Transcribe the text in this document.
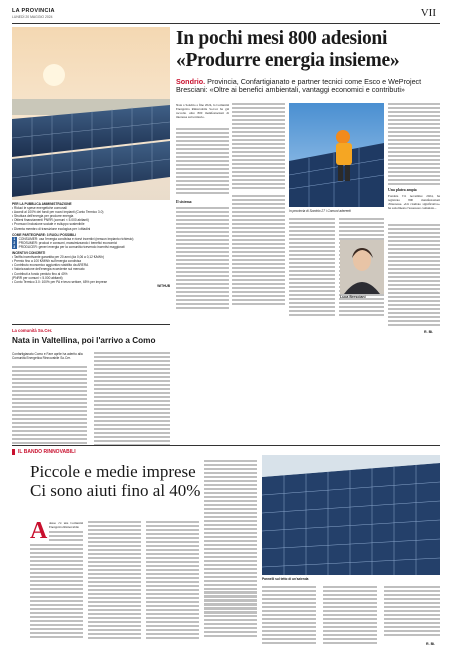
LA PROVINCIA
LUNEDÌ 20 MAGGIO 2024	VII
PER LA PUBBLICA AMMINISTRAZIONE
• Riduci le spese energetiche comunali
• Accedi al 100% dei fondi per nuovi impianti (Conto Termico 3.0)
• Struttura dell'energia per produrre energia
• Ottieni finanziamenti PNRR (comuni < 5.000 abitanti)
• Promuovi inclusione sociale e sviluppo sostenibile
• Diventa membro di transizione ecologica per i cittadini
COME PARTECIPARE: 3 RUOLI POSSIBILI
1	CONSUMER: usa l'energia condivisa e ricevi incentivi (nessun impianto richiesto)
2	PROSUMER: produci e consumi, massimizzando i benefici economici
3	PRODUCER: generi energia per la comunità ricevendo incentivi maggiorati
INCENTIVI CONCRETI
• Tariffa incentivante garantita per 20 anni (da 0,06 a 0,12 €/kWh)
• Premio fino a 100 €/MWh sull'energia condivisa
• Contributo economico aggiuntivo stabilito da ARERA
• Valorizzazione dell'energia eccedente sul mercato
• Contributi a fondo perduto fino al 40%
(PNRR per comuni < 5.000 abitanti)
• Conto Termico 3.0: 100% per PA e terzo settore, 65% per imprese
WITHUB
La comunità So.Cer.
Nata in Valtellina, poi l'arrivo a Como
Confartigianato Como e Fare aprile ha aderito alla Comunità Energetica Rinnovabile So.Cer.
In pochi mesi 800 adesioni
«Produrre energia insieme»
Sondrio. Provincia, Confartigianato e partner tecnici come Esco e WeProject Bresciani: «Oltre ai benefici ambientali, vantaggi economici e contributi»
Nata a Sondrio a fine 2024, la Comunità Energetica Rinnovabile So.Cer ha già raccolto oltre 800 manifestazioni di interesse sul territorio.
Il sistema
In provincia di Sondrio 27 i Comuni aderenti
Luca Bresciani
Una platea ampia
Fondata l'11 novembre 2024, ha registrato 800 manifestazioni d'interesse. «Un risultato significativo» ha sottolineato l'assessore comunale...
R. Bi.
IL BANDO RINNOVABILI
Piccole e medie imprese
Ci sono aiuti fino al 40%
A desso c'è una Comunità Energetica Rinnovabile
Pannelli sul tetto di un'azienda
R. Bi.
